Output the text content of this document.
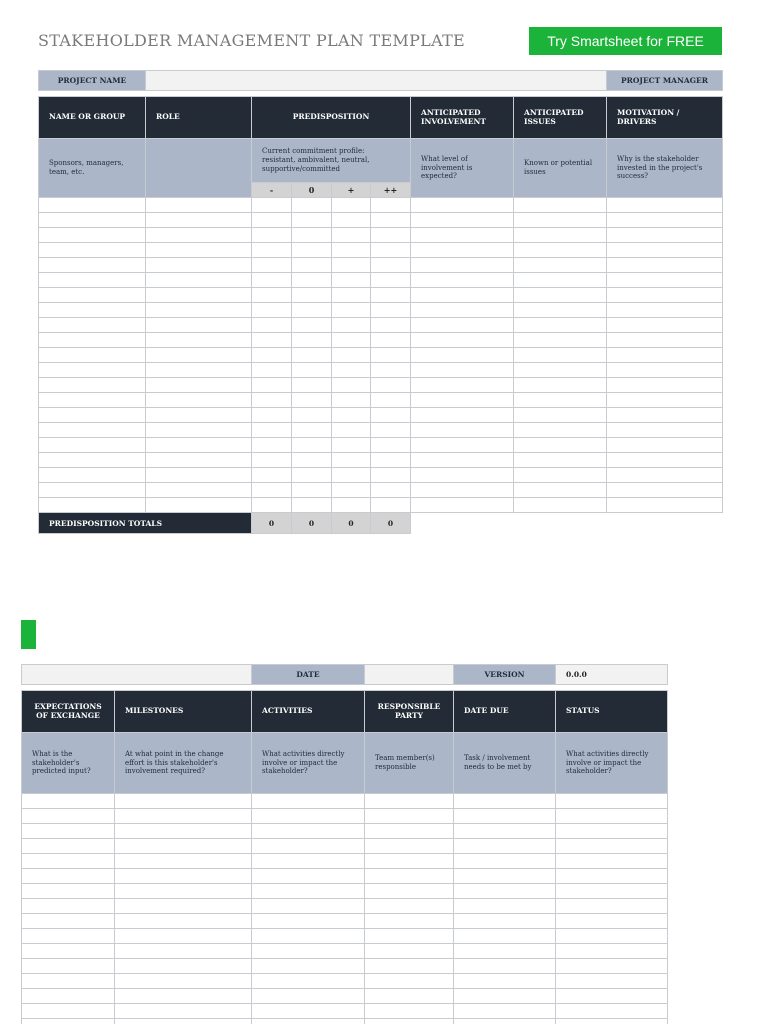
STAKEHOLDER MANAGEMENT PLAN TEMPLATE	Try Smartsheet for FREE
PROJECT NAME								PROJECT MANAGER

NAME OR GROUP	ROLE	PREDISPOSITION				ANTICIPATED INVOLVEMENT	ANTICIPATED ISSUES	MOTIVATION / DRIVERS
Sponsors, managers, team, etc.		Current commitment profile: resistant, ambivalent, neutral, supportive/committed				What level of involvement is expected?	Known or potential issues	Why is the stakeholder invested in the project's success?
		-	0	+	++			

PREDISPOSITION TOTALS		0	0	0	0			
		DATE		VERSION	0.0.0

EXPECTATIONS OF EXCHANGE	MILESTONES	ACTIVITIES	RESPONSIBLE PARTY	DATE DUE	STATUS
What is the stakeholder's predicted input?	At what point in the change effort is this stakeholder's involvement required?	What activities directly involve or impact the stakeholder?	Team member(s) responsible	Task / involvement needs to be met by	What activities directly involve or impact the stakeholder?
